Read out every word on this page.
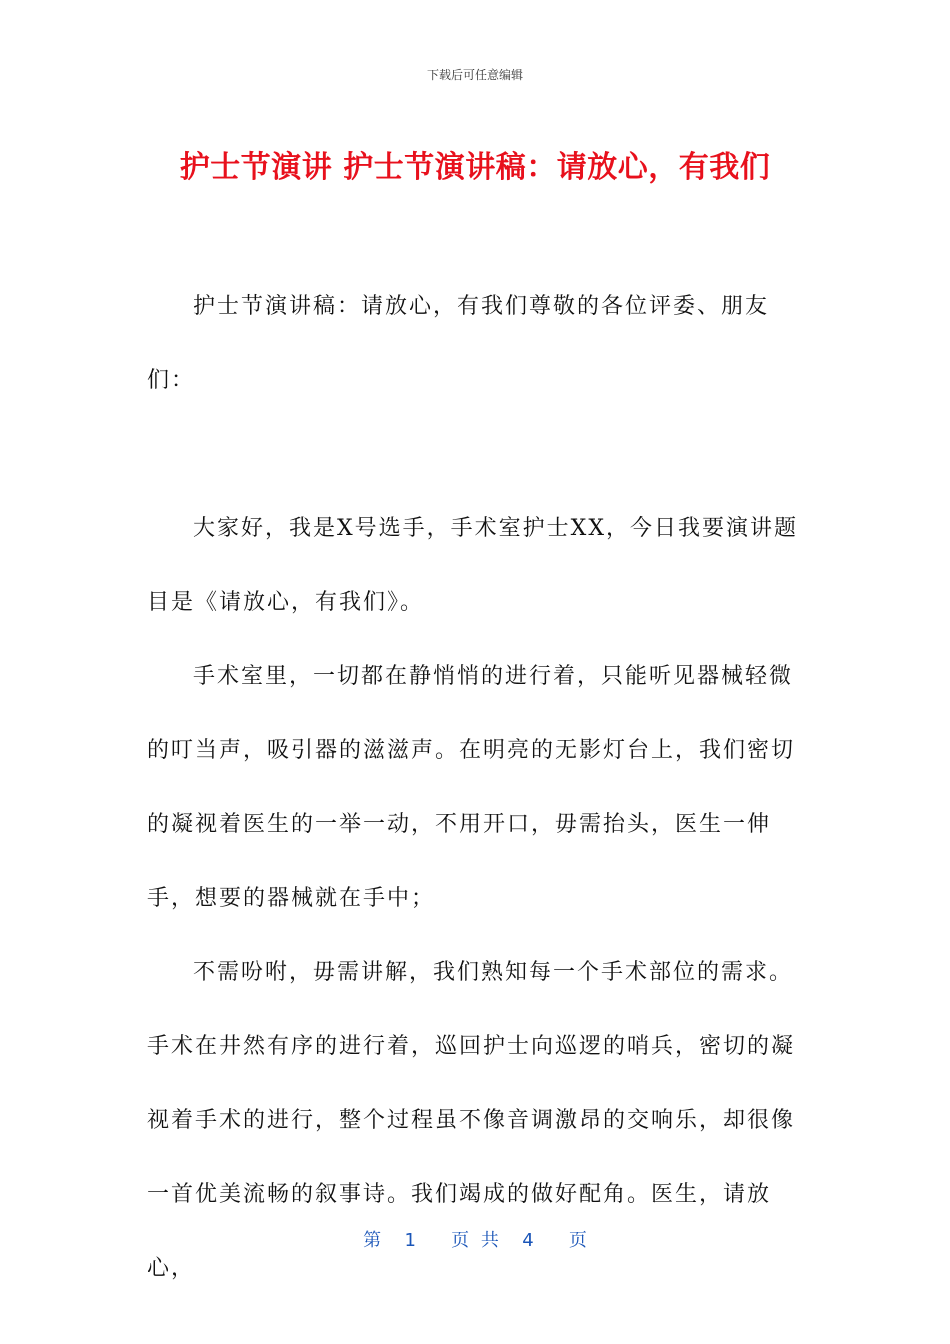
下载后可任意编辑
护士节演讲 护士节演讲稿：请放心，有我们

护士节演讲稿：请放心，有我们尊敬的各位评委、朋友们：

大家好，我是X号选手，手术室护士XX，今日我要演讲题目是《请放心，有我们》。

手术室里，一切都在静悄悄的进行着，只能听见器械轻微的叮当声，吸引器的滋滋声。在明亮的无影灯台上，我们密切的凝视着医生的一举一动，不用开口，毋需抬头，医生一伸手，想要的器械就在手中；

不需吩咐，毋需讲解，我们熟知每一个手术部位的需求。手术在井然有序的进行着，巡回护士向巡逻的哨兵，密切的凝视着手术的进行，整个过程虽不像音调激昂的交响乐，却很像一首优美流畅的叙事诗。我们竭成的做好配角。医生，请放心，

第  1   页 共  4   页
